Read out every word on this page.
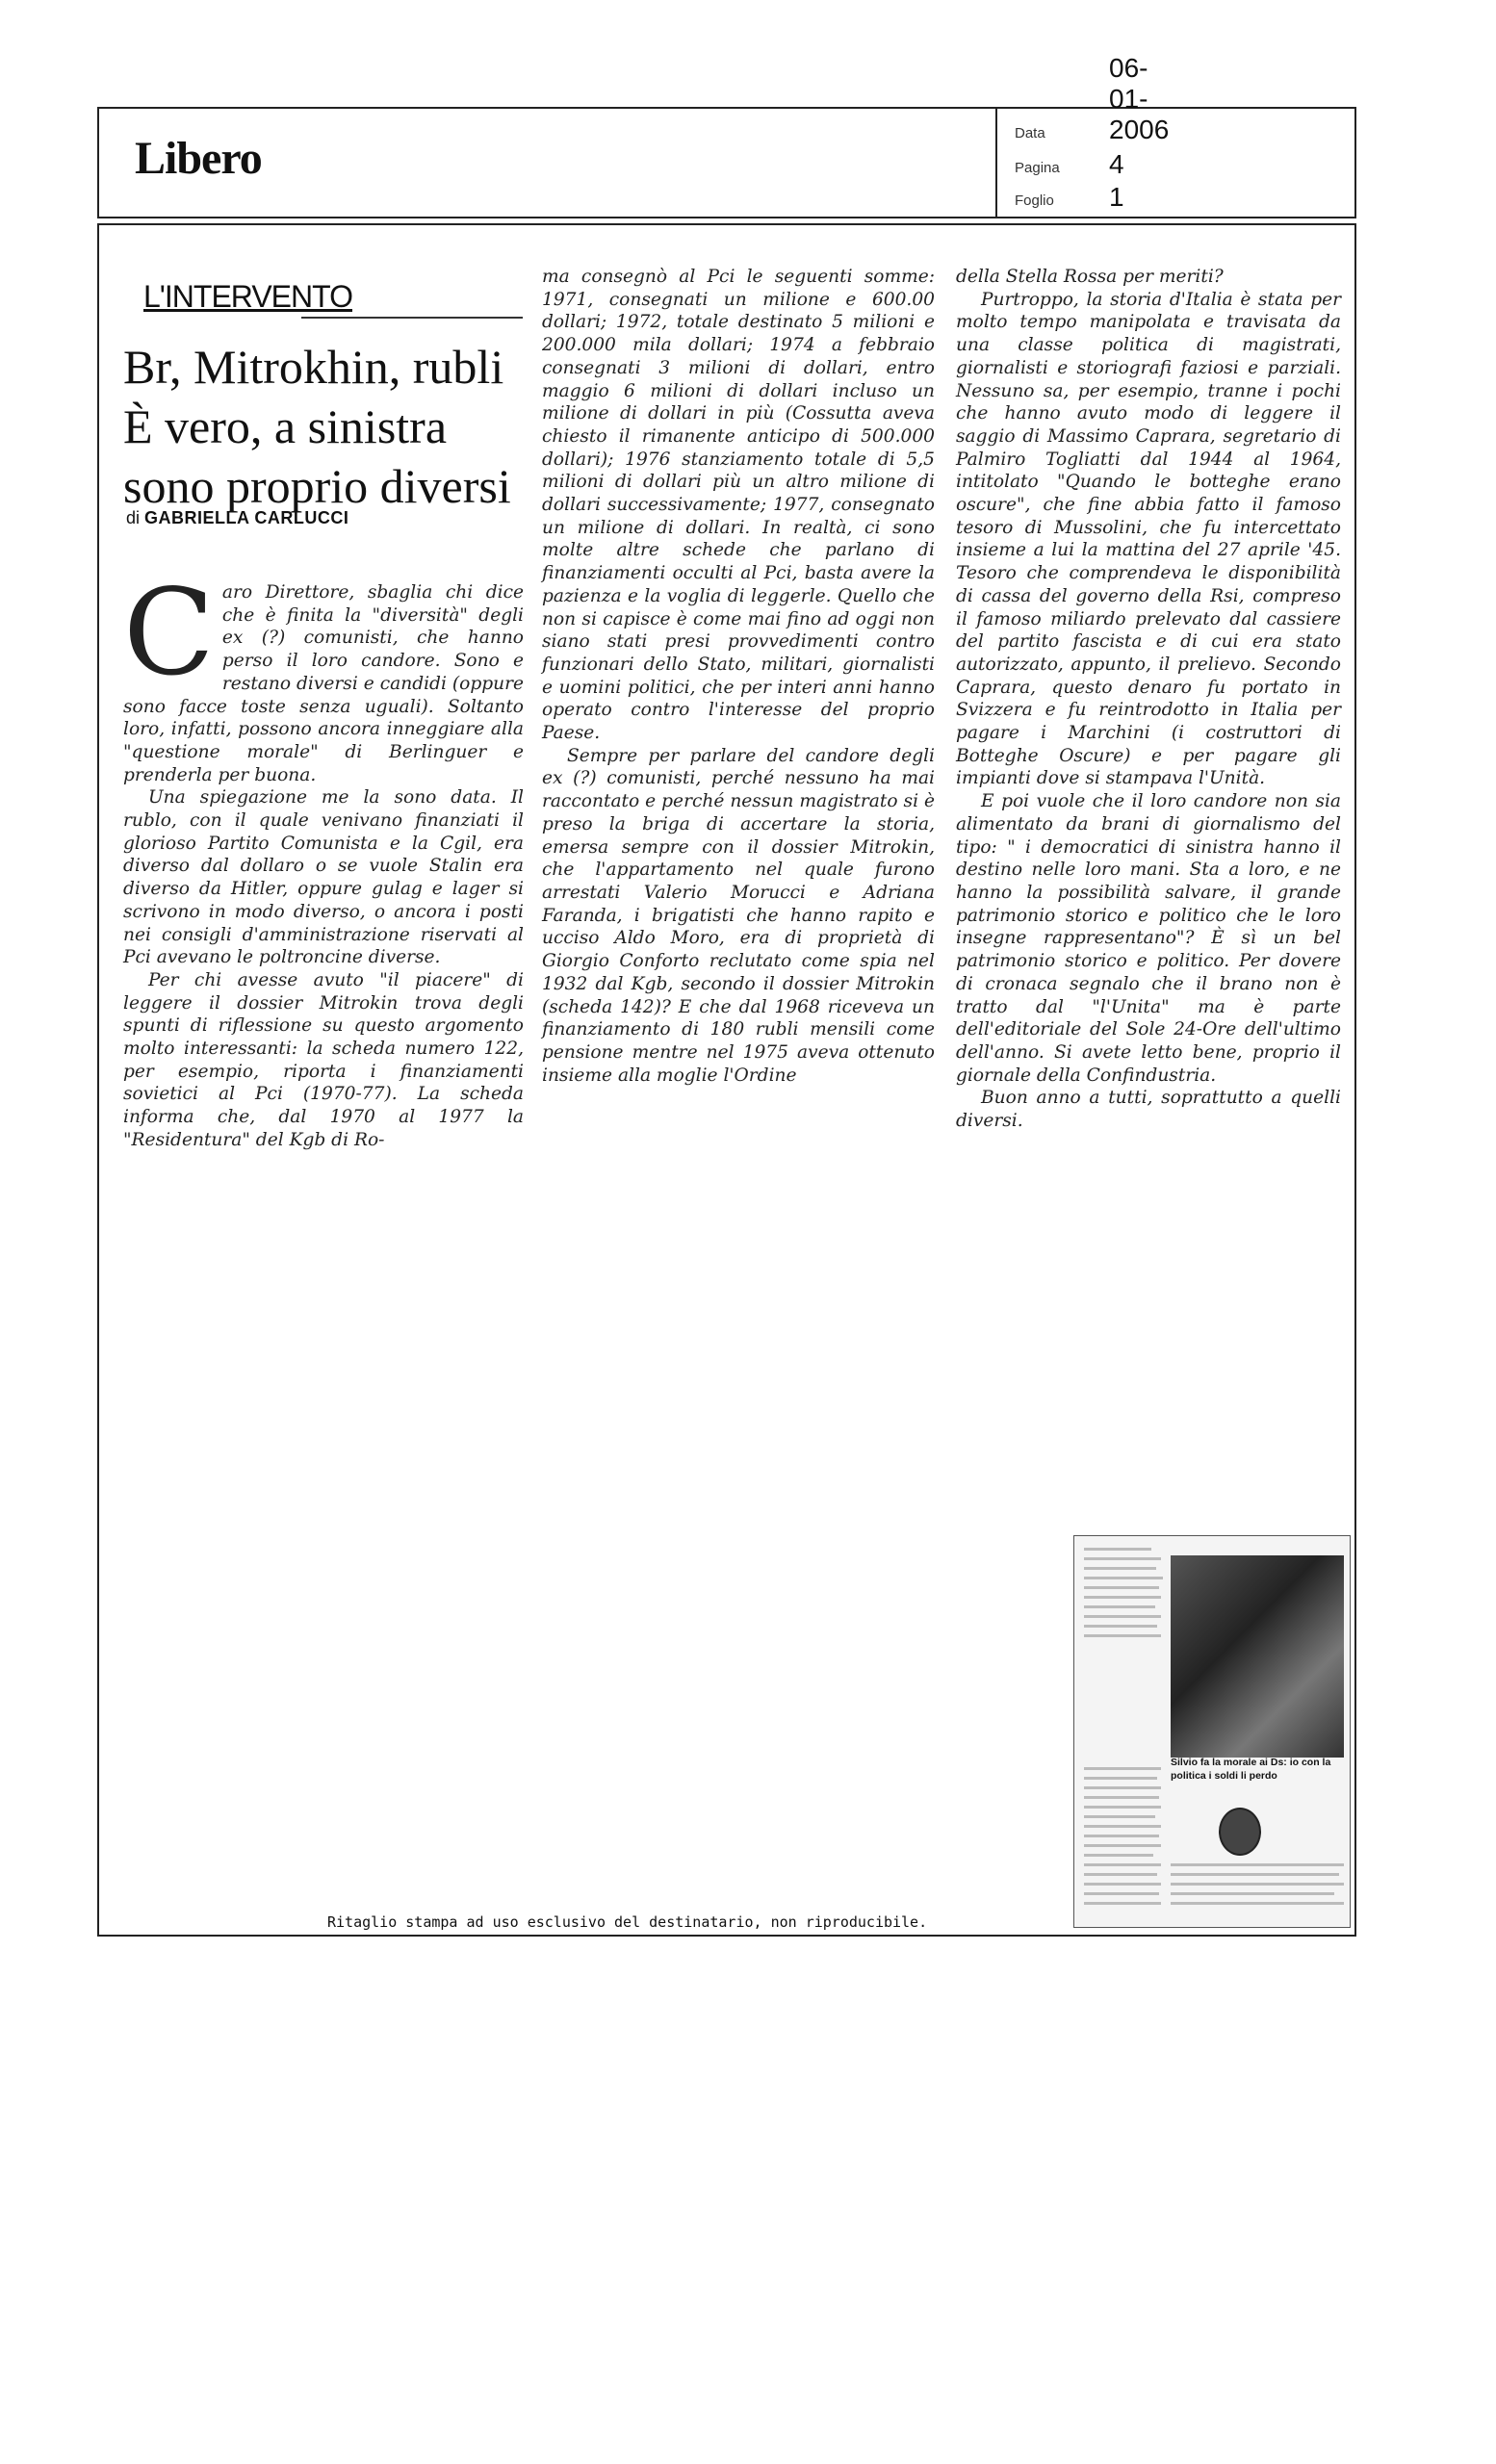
Libero	Data
06-01-2006
Pagina 4
Foglio 1
L'INTERVENTO
Br, Mitrokhin, rubli
È vero, a sinistra
sono proprio diversi
di GABRIELLA CARLUCCI

Caro Direttore, sbaglia chi dice che è finita la "diversità" degli ex (?) comunisti, che hanno perso il loro candore. Sono e restano diversi e candidi (oppure sono facce toste senza uguali). Soltanto loro, infatti, possono ancora inneggiare alla "questione morale" di Berlinguer e prenderla per buona.

Una spiegazione me la sono data. Il rublo, con il quale venivano finanziati il glorioso Partito Comunista e la Cgil, era diverso dal dollaro o se vuole Stalin era diverso da Hitler, oppure gulag e lager si scrivono in modo diverso, o ancora i posti nei consigli d'amministrazione riservati al Pci avevano le poltroncine diverse.

Per chi avesse avuto "il piacere" di leggere il dossier Mitrokin trova degli spunti di riflessione su questo argomento molto interessanti: la scheda numero 122, per esempio, riporta i finanziamenti sovietici al Pci (1970-77). La scheda informa che, dal 1970 al 1977 la "Residentura" del Kgb di Ro-

ma consegnò al Pci le seguenti somme: 1971, consegnati un milione e 600.00 dollari; 1972, totale destinato 5 milioni e 200.000 mila dollari; 1974 a febbraio consegnati 3 milioni di dollari, entro maggio 6 milioni di dollari incluso un milione di dollari in più (Cossutta aveva chiesto il rimanente anticipo di 500.000 dollari); 1976 stanziamento totale di 5,5 milioni di dollari più un altro milione di dollari successivamente; 1977, consegnato un milione di dollari. In realtà, ci sono molte altre schede che parlano di finanziamenti occulti al Pci, basta avere la pazienza e la voglia di leggerle. Quello che non si capisce è come mai fino ad oggi non siano stati presi provvedimenti contro funzionari dello Stato, militari, giornalisti e uomini politici, che per interi anni hanno operato contro l'interesse del proprio Paese.

Sempre per parlare del candore degli ex (?) comunisti, perché nessuno ha mai raccontato e perché nessun magistrato si è preso la briga di accertare la storia, emersa sempre con il dossier Mitrokin, che l'appartamento nel quale furono arrestati Valerio Morucci e Adriana Faranda, i brigatisti che hanno rapito e ucciso Aldo Moro, era di proprietà di Giorgio Conforto reclutato come spia nel 1932 dal Kgb, secondo il dossier Mitrokin (scheda 142)? E che dal 1968 riceveva un finanziamento di 180 rubli mensili come pensione mentre nel 1975 aveva ottenuto insieme alla moglie l'Ordine

della Stella Rossa per meriti?

Purtroppo, la storia d'Italia è stata per molto tempo manipolata e travisata da una classe politica di magistrati, giornalisti e storiografi faziosi e parziali. Nessuno sa, per esempio, tranne i pochi che hanno avuto modo di leggere il saggio di Massimo Caprara, segretario di Palmiro Togliatti dal 1944 al 1964, intitolato "Quando le botteghe erano oscure", che fine abbia fatto il famoso tesoro di Mussolini, che fu intercettato insieme a lui la mattina del 27 aprile '45. Tesoro che comprendeva le disponibilità di cassa del governo della Rsi, compreso il famoso miliardo prelevato dal cassiere del partito fascista e di cui era stato autorizzato, appunto, il prelievo. Secondo Caprara, questo denaro fu portato in Svizzera e fu reintrodotto in Italia per pagare i Marchini (i costruttori di Botteghe Oscure) e per pagare gli impianti dove si stampava l'Unità.

E poi vuole che il loro candore non sia alimentato da brani di giornalismo del tipo: " i democratici di sinistra hanno il destino nelle loro mani. Sta a loro, e ne hanno la possibilità salvare, il grande patrimonio storico e politico che le loro insegne rappresentano"? È sì un bel patrimonio storico e politico. Per dovere di cronaca segnalo che il brano non è tratto dal "l'Unita" ma è parte dell'editoriale del Sole 24-Ore dell'ultimo dell'anno. Si avete letto bene, proprio il giornale della Confindustria.

Buon anno a tutti, soprattutto a quelli diversi.

Silvio fa la morale ai Ds: io con la politica i soldi li perdo
Ritaglio stampa ad uso esclusivo del destinatario, non riproducibile.
